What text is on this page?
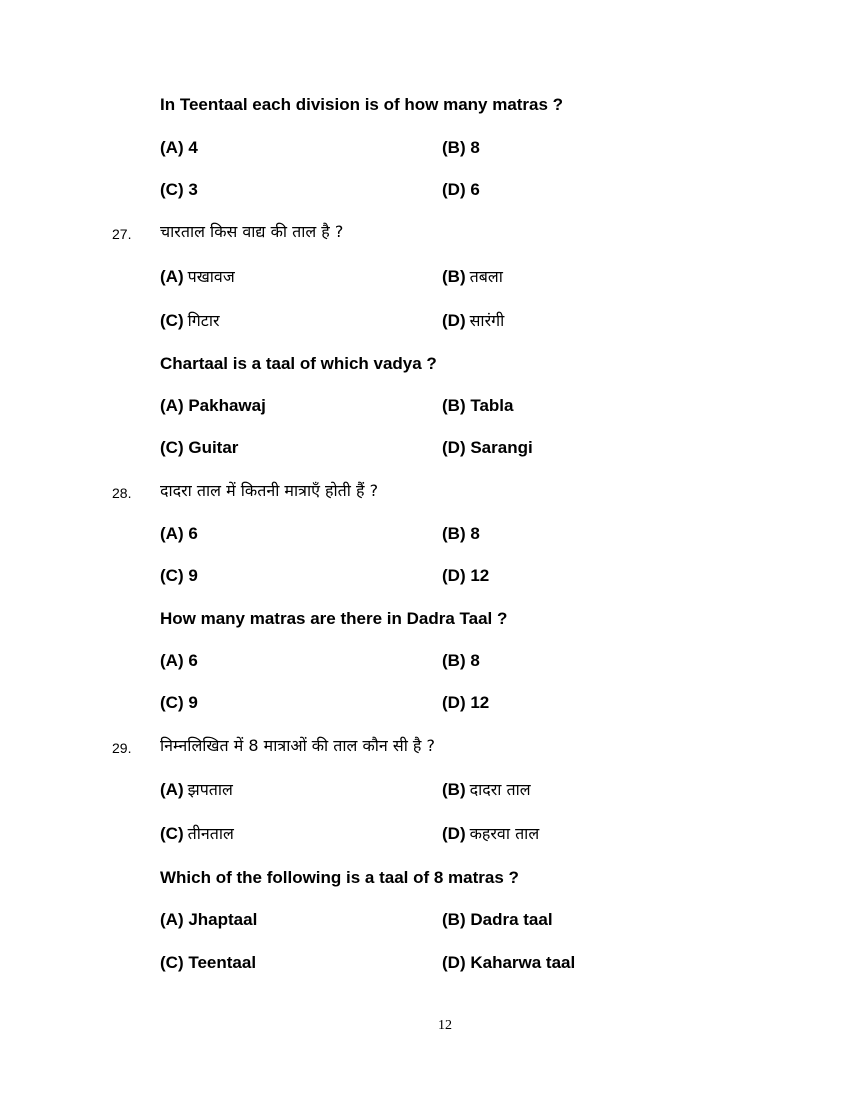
In Teentaal each division is of how many matras ?
(A) 4	(B) 8
(C) 3	(D) 6
27. चारताल किस वाद्य की ताल है ?
(A) पखावज	(B) तबला
(C) गिटार	(D) सारंगी
Chartaal is a taal of which vadya ?
(A) Pakhawaj	(B) Tabla
(C) Guitar	(D) Sarangi
28. दादरा ताल में कितनी मात्राएँ होती हैं ?
(A) 6	(B) 8
(C) 9	(D) 12
How many matras are there in Dadra Taal ?
(A) 6	(B) 8
(C) 9	(D) 12
29. निम्नलिखित में 8 मात्राओं की ताल कौन सी है ?
(A) झपताल	(B) दादरा ताल
(C) तीनताल	(D) कहरवा ताल
Which of the following is a taal of 8 matras ?
(A) Jhaptaal	(B) Dadra taal
(C) Teentaal	(D) Kaharwa taal
12
